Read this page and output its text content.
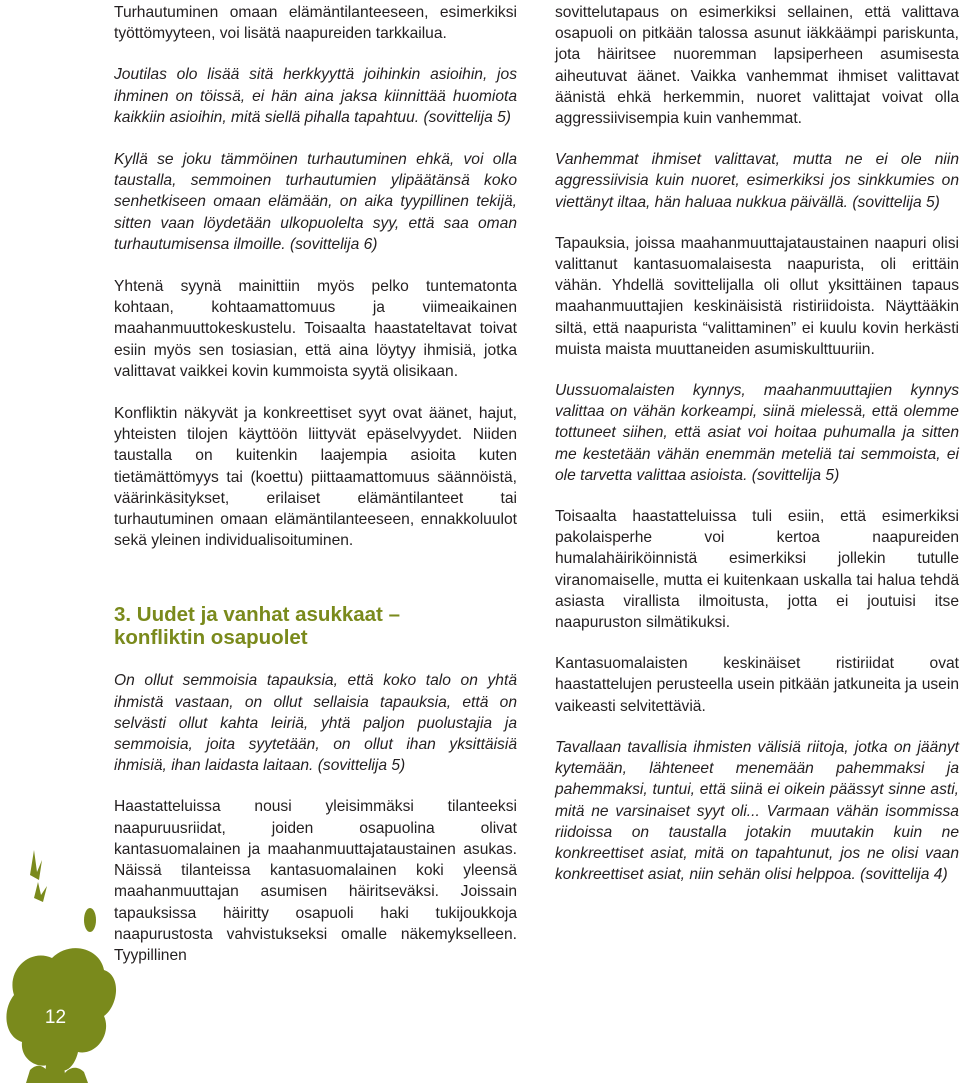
12

Turhautuminen omaan elämäntilanteeseen, esimerkiksi työttömyyteen, voi lisätä naapureiden tarkkailua.

Joutilas olo lisää sitä herkkyyttä joihinkin asioihin, jos ihminen on töissä, ei hän aina jaksa kiinnittää huomiota kaikkiin asioihin, mitä siellä pihalla tapahtuu. (sovittelija 5)

Kyllä se joku tämmöinen turhautuminen ehkä, voi olla taustalla, semmoinen turhautumien ylipäätänsä koko senhetkiseen omaan elämään, on aika tyypillinen tekijä, sitten vaan löydetään ulkopuolelta syy, että saa oman turhautumisensa ilmoille. (sovittelija 6)

Yhtenä syynä mainittiin myös pelko tuntematonta kohtaan, kohtaamattomuus ja viimeaikainen maahanmuuttokeskustelu. Toisaalta haastateltavat toivat esiin myös sen tosiasian, että aina löytyy ihmisiä, jotka valittavat vaikkei kovin kummoista syytä olisikaan.

Konfliktin näkyvät ja konkreettiset syyt ovat äänet, hajut, yhteisten tilojen käyttöön liittyvät epäselvyydet. Niiden taustalla on kuitenkin laajempia asioita kuten tietämättömyys tai (koettu) piittaamattomuus säännöistä, väärinkäsitykset, erilaiset elämäntilanteet tai turhautuminen omaan elämäntilanteeseen, ennakkoluulot sekä yleinen individualisoituminen.

3. Uudet ja vanhat asukkaat –
konfliktin osapuolet

On ollut semmoisia tapauksia, että koko talo on yhtä ihmistä vastaan, on ollut sellaisia tapauksia, että on selvästi ollut kahta leiriä, yhtä paljon puolustajia ja semmoisia, joita syytetään, on ollut ihan yksittäisiä ihmisiä, ihan laidasta laitaan. (sovittelija 5)

Haastatteluissa nousi yleisimmäksi tilanteeksi naapuruusriidat, joiden osapuolina olivat kantasuomalainen ja maahanmuuttajataustainen asukas. Näissä tilanteissa kantasuomalainen koki yleensä maahanmuuttajan asumisen häiritseväksi. Joissain tapauksissa häiritty osapuoli haki tukijoukkoja naapurustosta vahvistukseksi omalle näkemykselleen. Tyypillinen

sovittelutapaus on esimerkiksi sellainen, että valittava osapuoli on pitkään talossa asunut iäkkäämpi pariskunta, jota häiritsee nuoremman lapsiperheen asumisesta aiheutuvat äänet. Vaikka vanhemmat ihmiset valittavat äänistä ehkä herkemmin, nuoret valittajat voivat olla aggressiivisempia kuin vanhemmat.

Vanhemmat ihmiset valittavat, mutta ne ei ole niin aggressiivisia kuin nuoret, esimerkiksi jos sinkkumies on viettänyt iltaa, hän haluaa nukkua päivällä. (sovittelija 5)

Tapauksia, joissa maahanmuuttajataustainen naapuri olisi valittanut kantasuomalaisesta naapurista, oli erittäin vähän. Yhdellä sovittelijalla oli ollut yksittäinen tapaus maahanmuuttajien keskinäisistä ristiriidoista. Näyttääkin siltä, että naapurista “valittaminen” ei kuulu kovin herkästi muista maista muuttaneiden asumiskulttuuriin.

Uussuomalaisten kynnys, maahanmuuttajien kynnys valittaa on vähän korkeampi, siinä mielessä, että olemme tottuneet siihen, että asiat voi hoitaa puhumalla ja sitten me kestetään vähän enemmän meteliä tai semmoista, ei ole tarvetta valittaa asioista. (sovittelija 5)

Toisaalta haastatteluissa tuli esiin, että esimerkiksi pakolaisperhe voi kertoa naapureiden humalahäiriköinnistä esimerkiksi jollekin tutulle viranomaiselle, mutta ei kuitenkaan uskalla tai halua tehdä asiasta virallista ilmoitusta, jotta ei joutuisi itse naapuruston silmätikuksi.

Kantasuomalaisten keskinäiset ristiriidat ovat haastattelujen perusteella usein pitkään jatkuneita ja usein vaikeasti selvitettäviä.

Tavallaan tavallisia ihmisten välisiä riitoja, jotka on jäänyt kytemään, lähteneet menemään pahemmaksi ja pahemmaksi, tuntui, että siinä ei oikein päässyt sinne asti, mitä ne varsinaiset syyt oli... Varmaan vähän isommissa riidoissa on taustalla jotakin muutakin kuin ne konkreettiset asiat, mitä on tapahtunut, jos ne olisi vaan konkreettiset asiat, niin sehän olisi helppoa. (sovittelija 4)
